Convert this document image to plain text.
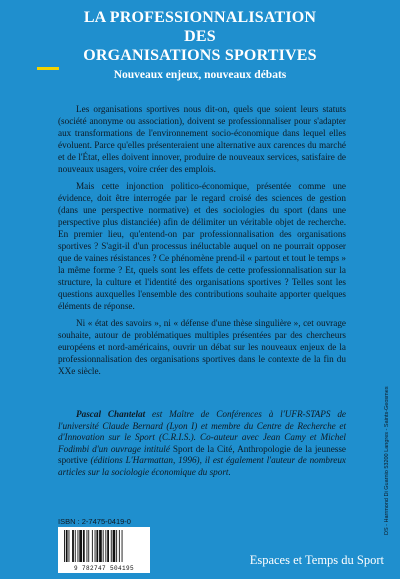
LA PROFESSIONNALISATION
DES
ORGANISATIONS SPORTIVES
Nouveaux enjeux, nouveaux débats

Les organisations sportives nous dit-on, quels que soient leurs statuts (société anonyme ou association), doivent se professionnaliser pour s'adapter aux transformations de l'environnement socio-économique dans lequel elles évoluent. Parce qu'elles présenteraient une alternative aux carences du marché et de l'État, elles doivent innover, produire de nouveaux services, satisfaire de nouveaux usagers, voire créer des emplois.

Mais cette injonction politico-économique, présentée comme une évidence, doit être interrogée par le regard croisé des sciences de gestion (dans une perspective normative) et des sociologies du sport (dans une perspective plus distanciée) afin de délimiter un véritable objet de recherche. En premier lieu, qu'entend-on par professionnalisation des organisations sportives ? S'agit-il d'un processus inéluctable auquel on ne pourrait opposer que de vaines résistances ? Ce phénomène prend-il « partout et tout le temps » la même forme ? Et, quels sont les effets de cette professionnalisation sur la structure, la culture et l'identité des organisations sportives ? Telles sont les questions auxquelles l'ensemble des contributions souhaite apporter quelques éléments de réponse.

Ni « état des savoirs », ni « défense d'une thèse singulière », cet ouvrage souhaite, autour de problématiques multiples présentées par des chercheurs européens et nord-américains, ouvrir un débat sur les nouveaux enjeux de la professionnalisation des organisations sportives dans le contexte de la fin du XXe siècle.

Pascal Chantelat est Maître de Conférences à l'UFR-STAPS de l'université Claude Bernard (Lyon I) et membre du Centre de Recherche et d'Innovation sur le Sport (C.R.I.S.). Co-auteur avec Jean Camy et Michel Fodimbi d'un ouvrage intitulé Sport de la Cité, Anthropologie de la jeunesse sportive (éditions L'Harmattan, 1996), il est également l'auteur de nombreux articles sur la sociologie économique du sport.	DS - Harrmond Di Guarnio 53200 Langres - Saints-Geosmes
ISBN : 2-7475-0419-0
9 782747 504195
Espaces et Temps du Sport
